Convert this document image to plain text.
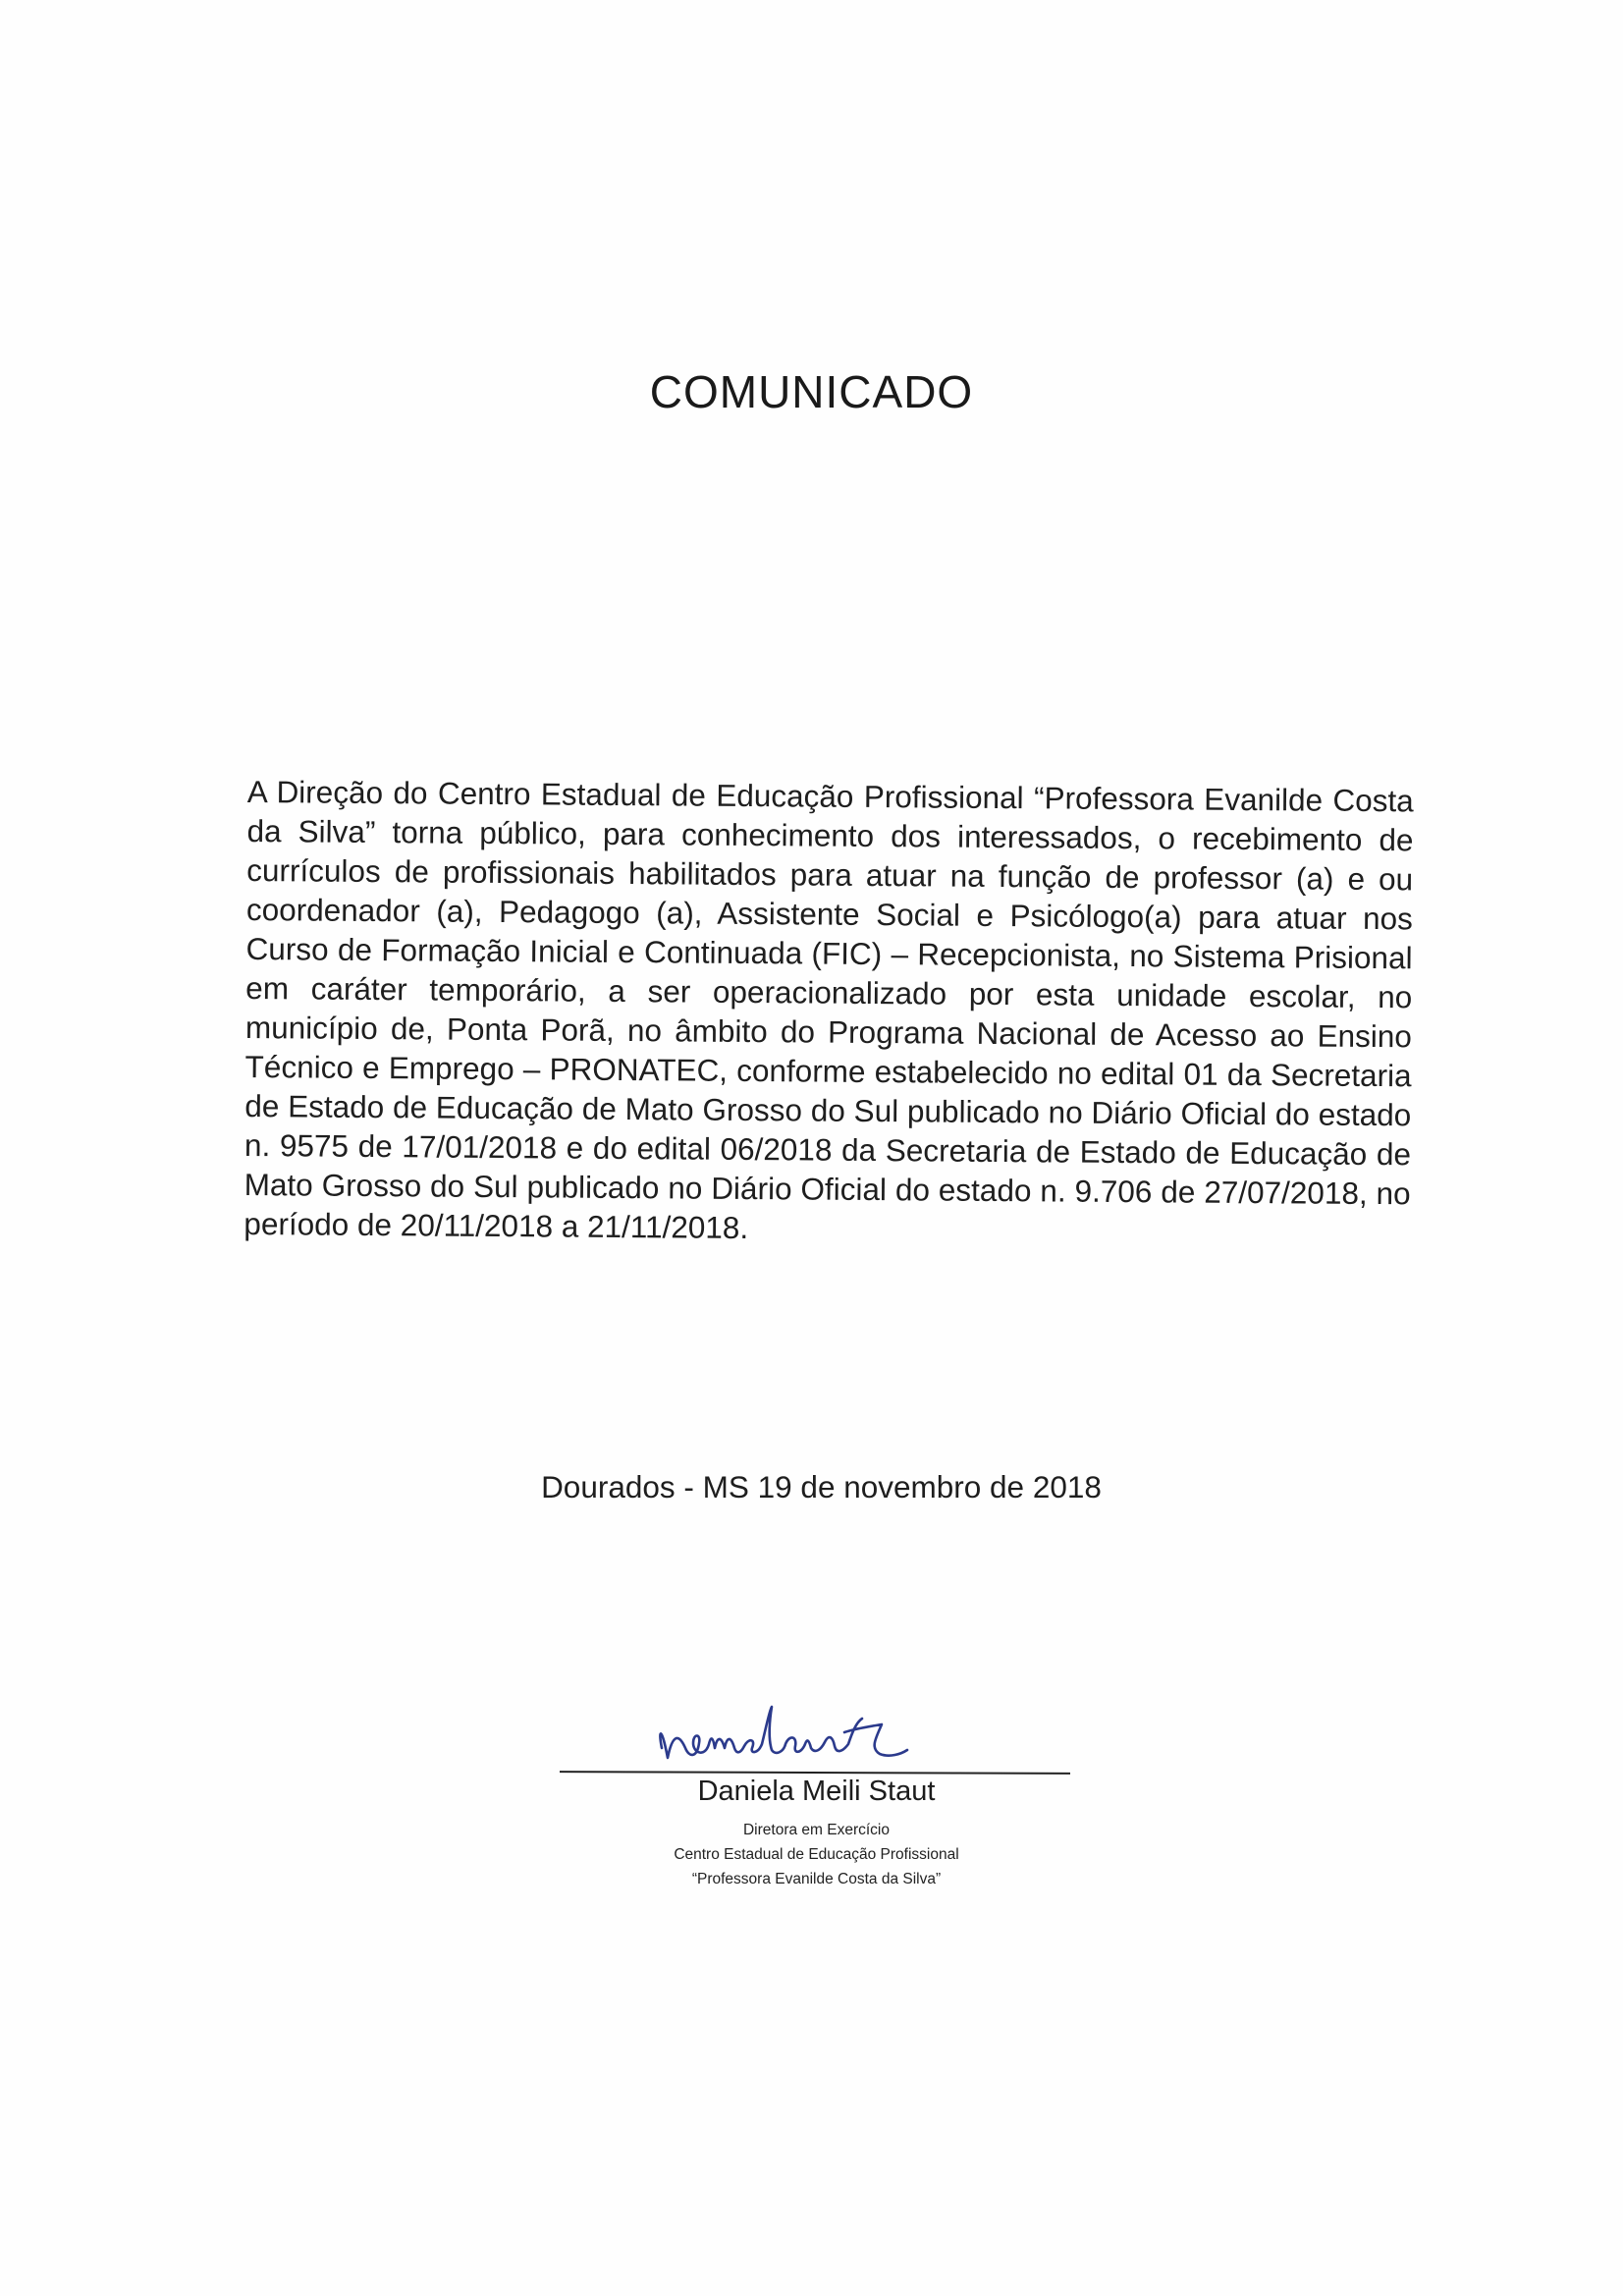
COMUNICADO

A Direção do Centro Estadual de Educação Profissional “Professora Evanilde Costa da Silva” torna público, para conhecimento dos interessados, o recebimento de currículos de profissionais habilitados para atuar na função de professor (a) e ou coordenador (a), Pedagogo (a), Assistente Social e Psicólogo(a) para atuar nos Curso de Formação Inicial e Continuada (FIC) – Recepcionista, no Sistema Prisional em caráter temporário, a ser operacionalizado por esta unidade escolar, no município de, Ponta Porã, no âmbito do Programa Nacional de Acesso ao Ensino Técnico e Emprego – PRONATEC, conforme estabelecido no edital 01 da Secretaria de Estado de Educação de Mato Grosso do Sul publicado no Diário Oficial do estado n. 9575 de 17/01/2018 e do edital 06/2018 da Secretaria de Estado de Educação de Mato Grosso do Sul publicado no Diário Oficial do estado n. 9.706 de 27/07/2018, no período de 20/11/2018 a 21/11/2018.

Dourados - MS 19 de novembro de 2018

Daniela Meili Staut

Diretora em Exercício

Centro Estadual de Educação Profissional

“Professora Evanilde Costa da Silva”
